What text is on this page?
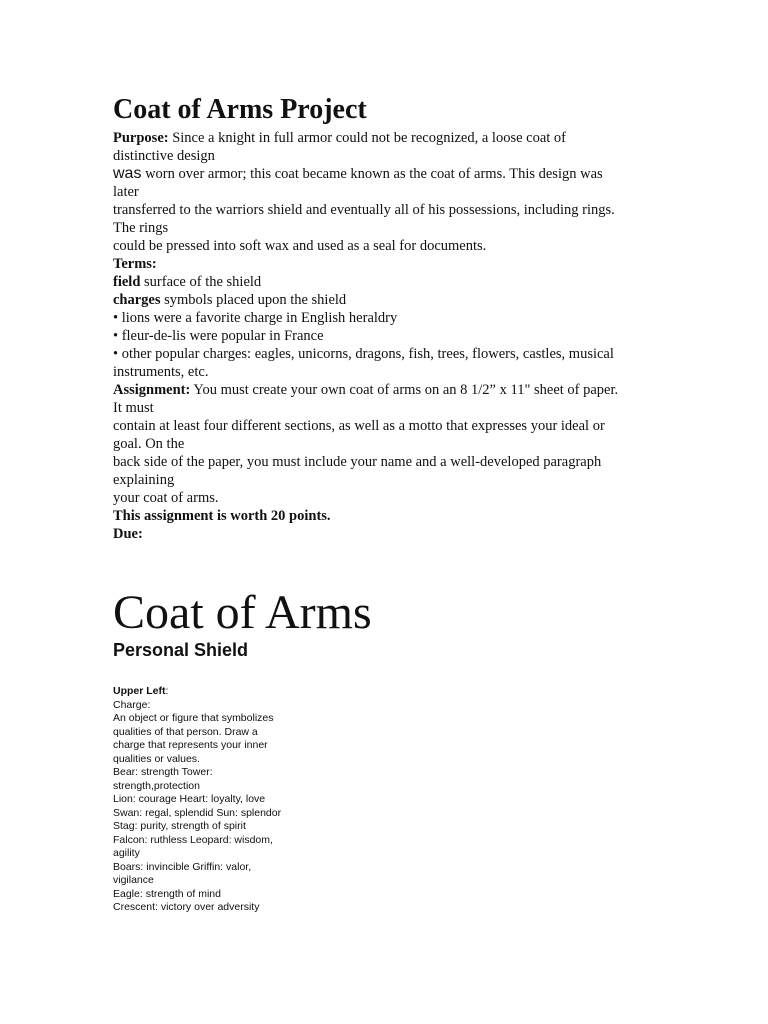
Coat of Arms Project
Purpose: Since a knight in full armor could not be recognized, a loose coat of
distinctive design
was worn over armor; this coat became known as the coat of arms. This design was
later
transferred to the warriors shield and eventually all of his possessions, including rings.
The rings
could be pressed into soft wax and used as a seal for documents.
Terms:
field surface of the shield
charges symbols placed upon the shield
• lions were a favorite charge in English heraldry
• fleur-de-lis were popular in France
• other popular charges: eagles, unicorns, dragons, fish, trees, flowers, castles, musical
instruments, etc.
Assignment: You must create your own coat of arms on an 8 1/2” x 11" sheet of paper.
It must
contain at least four different sections, as well as a motto that expresses your ideal or
goal. On the
back side of the paper, you must include your name and a well-developed paragraph
explaining
your coat of arms.
This assignment is worth 20 points.
Due:
Coat of Arms
Personal Shield
Upper Left:
Charge:
An object or figure that symbolizes
qualities of that person. Draw a
charge that represents your inner
qualities or values.
Bear: strength Tower:
strength,protection
Lion: courage Heart: loyalty, love
Swan: regal, splendid Sun: splendor
Stag: purity, strength of spirit
Falcon: ruthless Leopard: wisdom,
agility
Boars: invincible Griffin: valor,
vigilance
Eagle: strength of mind
Crescent: victory over adversity
